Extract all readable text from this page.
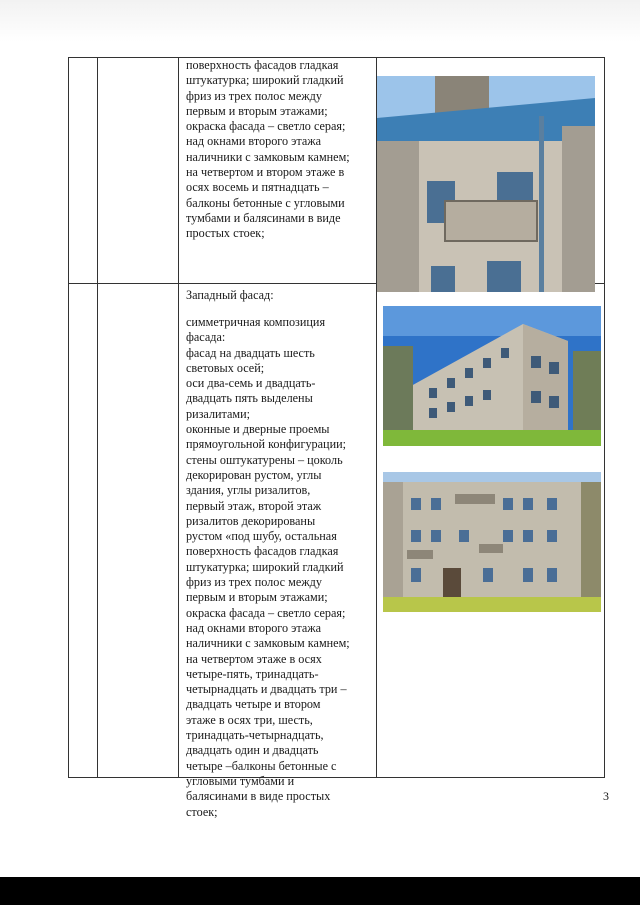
поверхность фасадов гладкая
штукатурка; широкий гладкий
фриз из трех полос между
первым и вторым этажами;
окраска фасада – светло серая;
над окнами второго этажа
наличники с замковым камнем;
на четвертом и втором этаже в
осях восемь и пятнадцать –
балконы бетонные с угловыми
тумбами и балясинами в виде
простых стоек;

Западный фасад:

симметричная композиция
фасада:
фасад на двадцать шесть
световых осей;
оси два-семь и двадцать-
двадцать пять выделены
ризалитами;
оконные и дверные проемы
прямоугольной конфигурации;
стены оштукатурены – цоколь
декорирован рустом, углы
здания, углы ризалитов,
первый этаж, второй этаж
ризалитов декорированы
рустом «под шубу, остальная
поверхность фасадов гладкая
штукатурка; широкий гладкий
фриз из трех полос между
первым и вторым этажами;
окраска фасада – светло серая;
над окнами второго этажа
наличники с замковым камнем;
на четвертом этаже в осях
четыре-пять, тринадцать-
четырнадцать и двадцать три –
двадцать четыре и втором
этаже в осях три, шесть,
тринадцать-четырнадцать,
двадцать один и двадцать
четыре –балконы бетонные с
угловыми тумбами и
балясинами в виде простых
стоек;

3
